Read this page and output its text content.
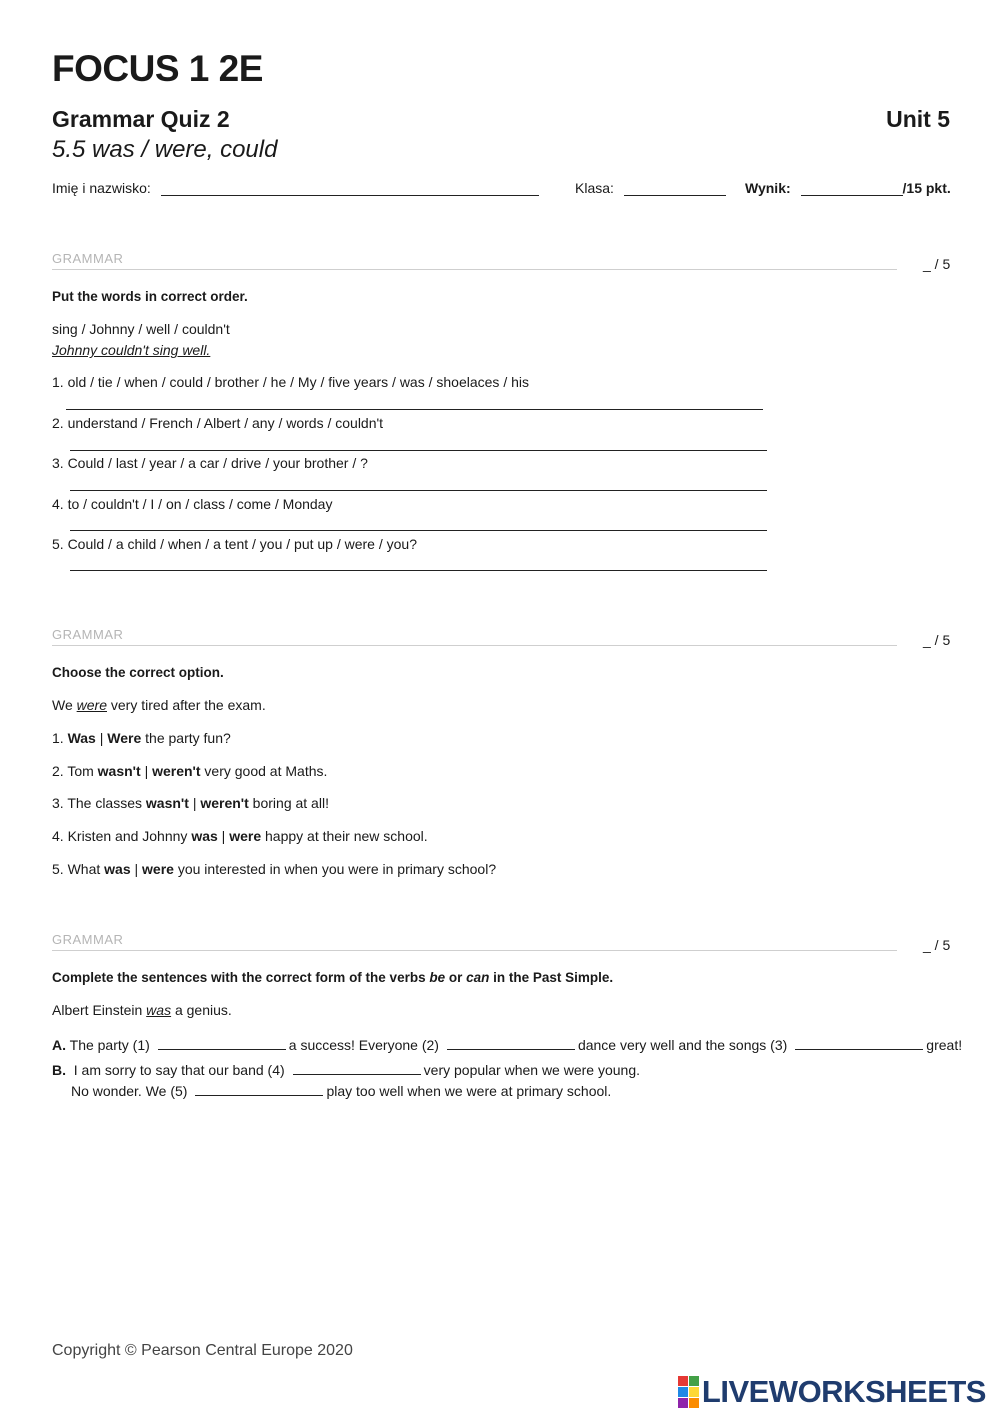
FOCUS 1 2E
Grammar Quiz 2	Unit 5
5.5 was / were, could
Imię i nazwisko:	Klasa:	Wynik:	/15 pkt.
GRAMMAR	_ / 5
Put the words in correct order.
sing / Johnny / well / couldn't
Johnny couldn't sing well.
1. old / tie / when / could / brother / he / My / five years / was / shoelaces / his
2. understand / French / Albert / any / words / couldn't
3. Could / last / year / a car / drive / your brother / ?
4. to / couldn't / I / on / class / come / Monday
5. Could / a child / when / a tent / you / put up / were / you?
GRAMMAR	_ / 5
Choose the correct option.
We were very tired after the exam.
1. Was | Were the party fun?
2. Tom wasn't | weren't very good at Maths.
3. The classes wasn't | weren't boring at all!
4. Kristen and Johnny was | were happy at their new school.
5. What was | were you interested in when you were in primary school?
GRAMMAR	_ / 5
Complete the sentences with the correct form of the verbs be or can in the Past Simple.
Albert Einstein was a genius.
A. The party (1)	a success! Everyone (2)	dance very well and the songs (3)	great!
B. I am sorry to say that our band (4)	very popular when we were young.
No wonder. We (5)	play too well when we were at primary school.
Copyright © Pearson Central Europe 2020
LIVEWORKSHEETS
